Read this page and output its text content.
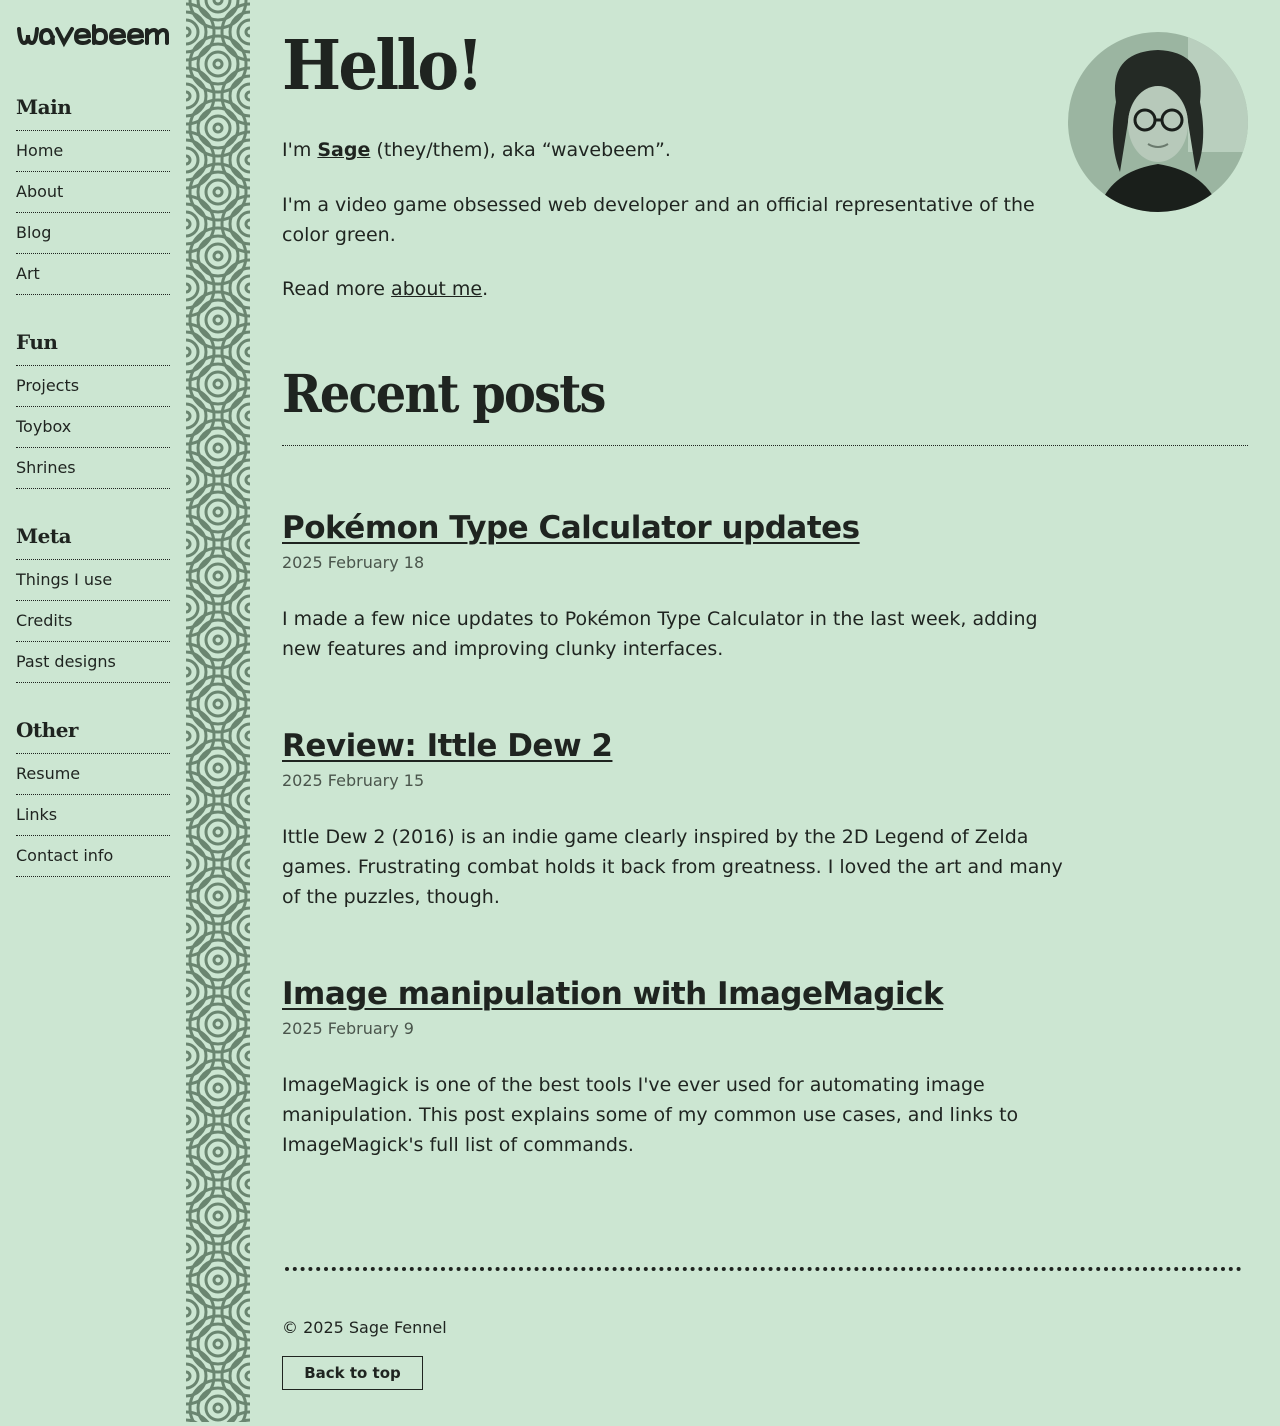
Main
Home
About
Blog
Art
Fun
Projects
Toybox
Shrines
Meta
Things I use
Credits
Past designs
Other
Resume
Links
Contact info
Hello!

I'm Sage (they/them), aka “wavebeem”.

I'm a video game obsessed web developer and an official representative of the color green.

Read more about me.

Recent posts
Pokémon Type Calculator updates

2025 February 18

I made a few nice updates to Pokémon Type Calculator in the last week, adding new features and improving clunky interfaces.

Review: Ittle Dew 2

2025 February 15

Ittle Dew 2 (2016) is an indie game clearly inspired by the 2D Legend of Zelda games. Frustrating combat holds it back from greatness. I loved the art and many of the puzzles, though.

Image manipulation with ImageMagick

2025 February 9

ImageMagick is one of the best tools I've ever used for automating image manipulation. This post explains some of my common use cases, and links to ImageMagick's full list of commands.

© 2025 Sage Fennel

Back to top
